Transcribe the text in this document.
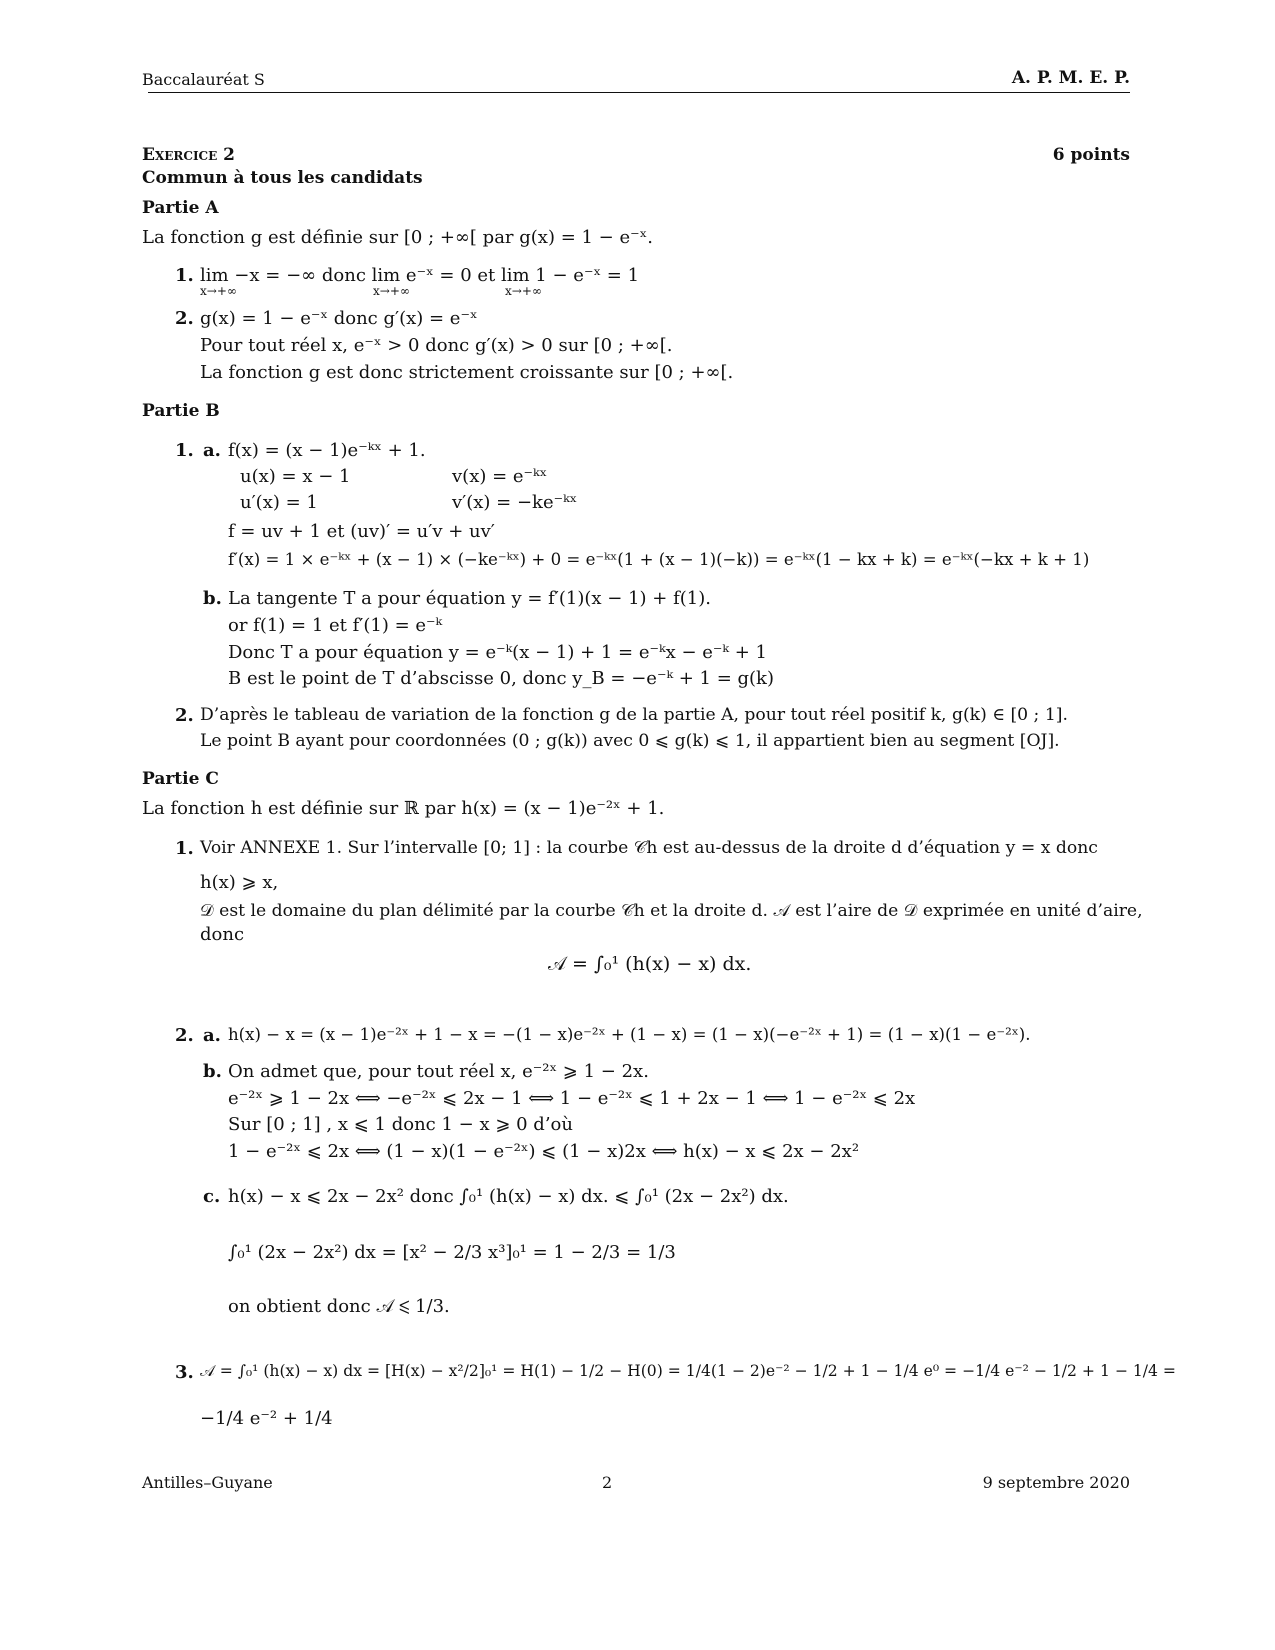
Baccalauréat S	A. P. M. E. P.
Exercice 2	6 points
Commun à tous les candidats
Partie A
La fonction g est définie sur [0 ; +∞[ par g(x) = 1 − e⁻ˣ.
1. lim −x = −∞ donc lim e⁻ˣ = 0 et lim 1 − e⁻ˣ = 1
x→+∞	x→+∞	x→+∞
2. g(x) = 1 − e⁻ˣ donc g′(x) = e⁻ˣ
Pour tout réel x, e⁻ˣ > 0 donc g′(x) > 0 sur [0 ; +∞[.
La fonction g est donc strictement croissante sur [0 ; +∞[.
Partie B
1. a. f(x) = (x − 1)e⁻ᵏˣ + 1.
u(x) = x − 1	v(x) = e⁻ᵏˣ
u′(x) = 1	v′(x) = −ke⁻ᵏˣ
f = uv + 1 et (uv)′ = u′v + uv′
f′(x) = 1 × e⁻ᵏˣ + (x − 1) × (−ke⁻ᵏˣ) + 0 = e⁻ᵏˣ(1 + (x − 1)(−k)) = e⁻ᵏˣ(1 − kx + k) = e⁻ᵏˣ(−kx + k + 1)
b. La tangente T a pour équation y = f′(1)(x − 1) + f(1).
or f(1) = 1 et f′(1) = e⁻ᵏ
Donc T a pour équation y = e⁻ᵏ(x − 1) + 1 = e⁻ᵏx − e⁻ᵏ + 1
B est le point de T d’abscisse 0, donc y_B = −e⁻ᵏ + 1 = g(k)
2. D’après le tableau de variation de la fonction g de la partie A, pour tout réel positif k, g(k) ∈ [0 ; 1].
Le point B ayant pour coordonnées (0 ; g(k)) avec 0 ⩽ g(k) ⩽ 1, il appartient bien au segment [OJ].
Partie C
La fonction h est définie sur ℝ par h(x) = (x − 1)e⁻²ˣ + 1.
1. Voir ANNEXE 1. Sur l’intervalle [0; 1] : la courbe 𝒞h est au-dessus de la droite d d’équation y = x donc
h(x) ⩾ x,
𝒟 est le domaine du plan délimité par la courbe 𝒞h et la droite d. 𝒜 est l’aire de 𝒟 exprimée en unité d’aire,
donc
𝒜 = ∫₀¹ (h(x) − x) dx.
2. a. h(x) − x = (x − 1)e⁻²ˣ + 1 − x = −(1 − x)e⁻²ˣ + (1 − x) = (1 − x)(−e⁻²ˣ + 1) = (1 − x)(1 − e⁻²ˣ).
b. On admet que, pour tout réel x, e⁻²ˣ ⩾ 1 − 2x.
e⁻²ˣ ⩾ 1 − 2x ⟺ −e⁻²ˣ ⩽ 2x − 1 ⟺ 1 − e⁻²ˣ ⩽ 1 + 2x − 1 ⟺ 1 − e⁻²ˣ ⩽ 2x
Sur [0 ; 1] , x ⩽ 1 donc 1 − x ⩾ 0 d’où
1 − e⁻²ˣ ⩽ 2x ⟺ (1 − x)(1 − e⁻²ˣ) ⩽ (1 − x)2x ⟺ h(x) − x ⩽ 2x − 2x²
c. h(x) − x ⩽ 2x − 2x² donc ∫₀¹ (h(x) − x) dx. ⩽ ∫₀¹ (2x − 2x²) dx.
∫₀¹ (2x − 2x²) dx = [x² − 2/3 x³]₀¹ = 1 − 2/3 = 1/3
on obtient donc 𝒜 ⩽ 1/3.
3. 𝒜 = ∫₀¹ (h(x) − x) dx = [H(x) − x²/2]₀¹ = H(1) − 1/2 − H(0) = 1/4(1 − 2)e⁻² − 1/2 + 1 − 1/4 e⁰ = −1/4 e⁻² − 1/2 + 1 − 1/4 =
−1/4 e⁻² + 1/4
Antilles–Guyane	2	9 septembre 2020
